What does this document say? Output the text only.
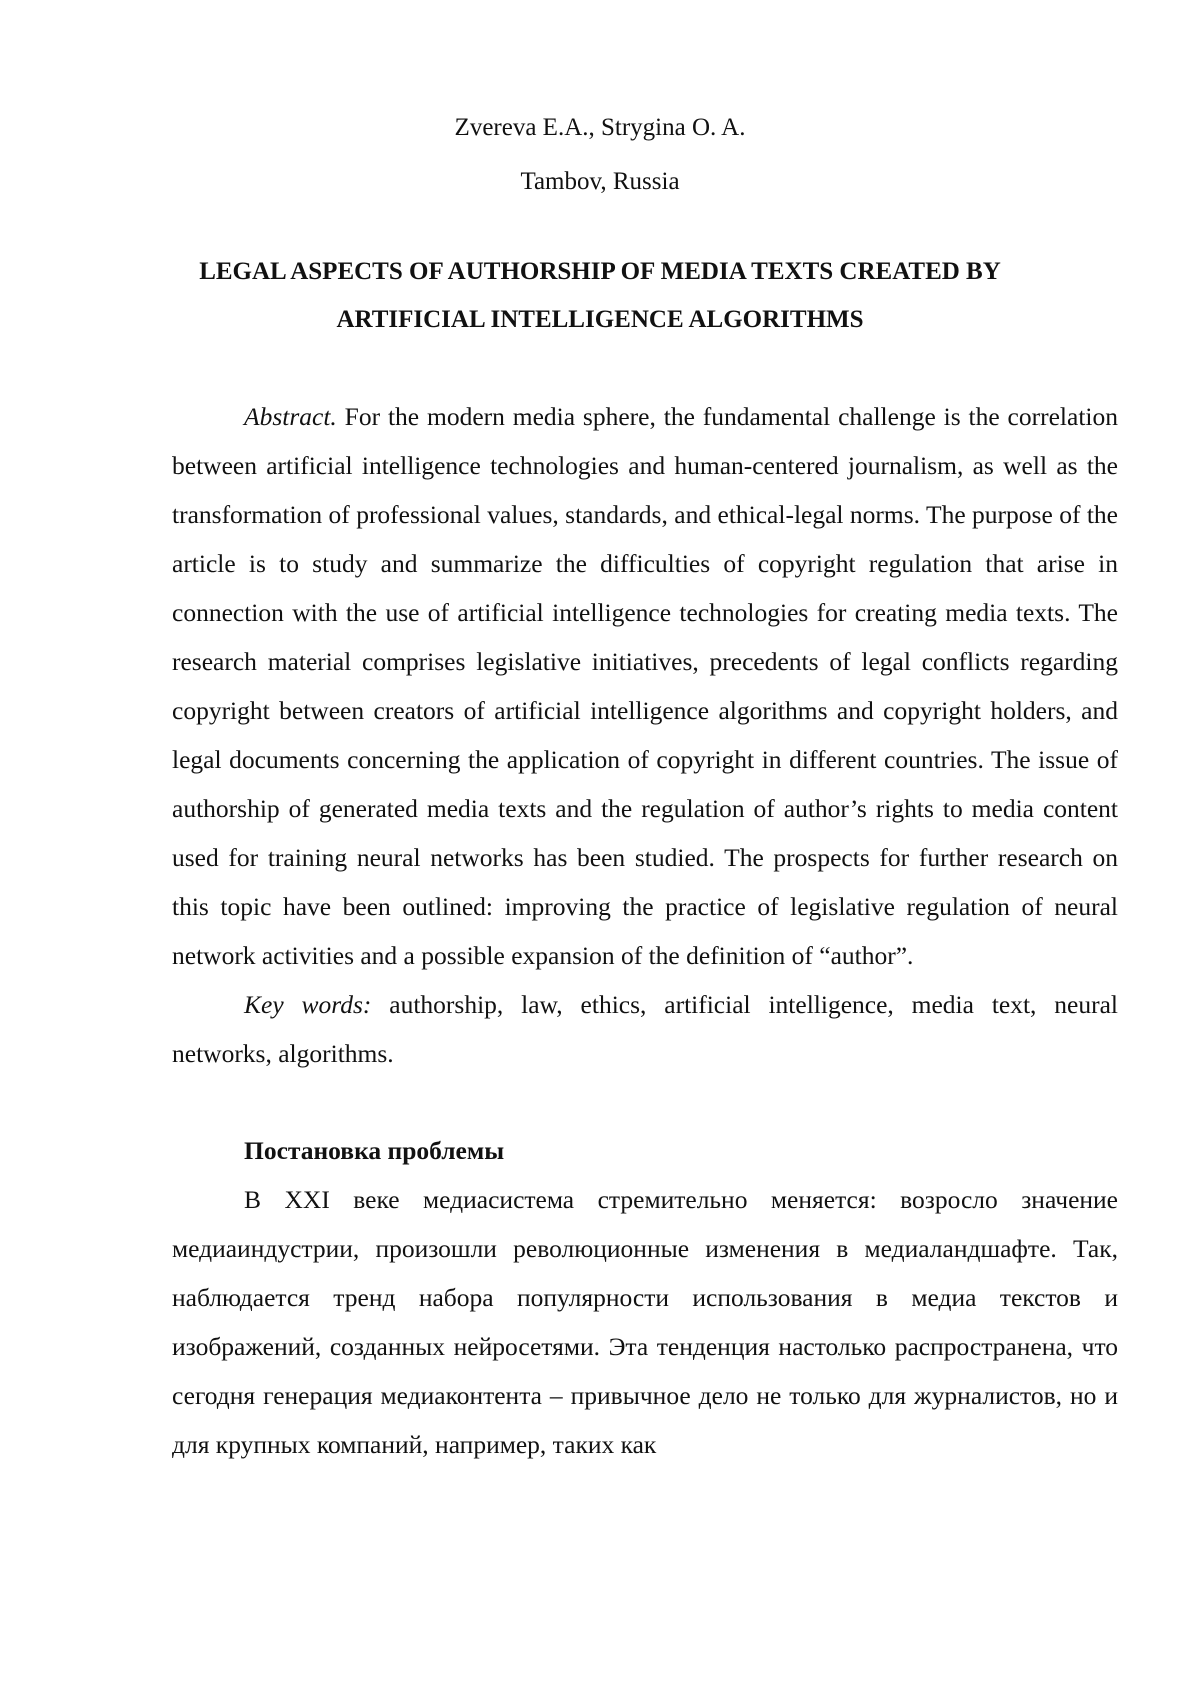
Zvereva E.A., Strygina O. A.
Tambov, Russia
LEGAL ASPECTS OF AUTHORSHIP OF MEDIA TEXTS CREATED BY
ARTIFICIAL INTELLIGENCE ALGORITHMS

Abstract. For the modern media sphere, the fundamental challenge is the correlation between artificial intelligence technologies and human-centered journalism, as well as the transformation of professional values, standards, and ethical-legal norms. The purpose of the article is to study and summarize the difficulties of copyright regulation that arise in connection with the use of artificial intelligence technologies for creating media texts. The research material comprises legislative initiatives, precedents of legal conflicts regarding copyright between creators of artificial intelligence algorithms and copyright holders, and legal documents concerning the application of copyright in different countries. The issue of authorship of generated media texts and the regulation of author’s rights to media content used for training neural networks has been studied. The prospects for further research on this topic have been outlined: improving the practice of legislative regulation of neural network activities and a possible expansion of the definition of “author”.

Key words: authorship, law, ethics, artificial intelligence, media text, neural networks, algorithms.

Постановка проблемы

В XXI веке медиасистема стремительно меняется: возросло значение медиаиндустрии, произошли революционные изменения в медиаландшафте. Так, наблюдается тренд набора популярности использования в медиа текстов и изображений, созданных нейросетями. Эта тенденция настолько распространена, что сегодня генерация медиаконтента – привычное дело не только для журналистов, но и для крупных компаний, например, таких как
